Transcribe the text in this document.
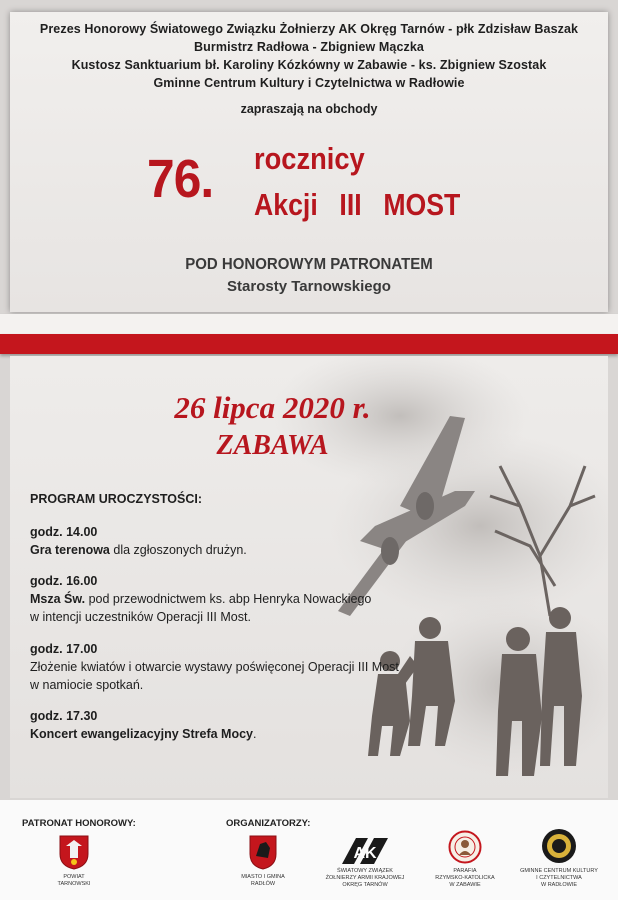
Prezes Honorowy Światowego Związku Żołnierzy AK Okręg Tarnów - płk Zdzisław Baszak
Burmistrz Radłowa - Zbigniew Mączka
Kustosz Sanktuarium bł. Karoliny Kózkówny w Zabawie - ks. Zbigniew Szostak
Gminne Centrum Kultury i Czytelnictwa w Radłowie
zapraszają na obchody
76. rocznicy
Akcji  III  MOST
POD HONOROWYM PATRONATEM
Starosty Tarnowskiego
26 lipca 2020 r.
ZABAWA
PROGRAM UROCZYSTOŚCI:
godz. 14.00
Gra terenowa dla zgłoszonych drużyn.
godz. 16.00
Msza Św. pod przewodnictwem ks. abp Henryka Nowackiego
w intencji uczestników Operacji III Most.
godz. 17.00
Złożenie kwiatów i otwarcie wystawy poświęconej Operacji III Most
w namiocie spotkań.
godz. 17.30
Koncert ewangelizacyjny Strefa Mocy.
PATRONAT HONOROWY:	ORGANIZATORZY:
POWIAT
TARNOWSKI
MIASTO I GMINA
RADŁÓW
AK
ŚWIATOWY ZWIĄZEK
ŻOŁNIERZY ARMII KRAJOWEJ
OKRĘG TARNÓW
PARAFIA
RZYMSKO-KATOLICKA
W ZABAWIE
GMINNE CENTRUM KULTURY
I CZYTELNICTWA
W RADŁOWIE
